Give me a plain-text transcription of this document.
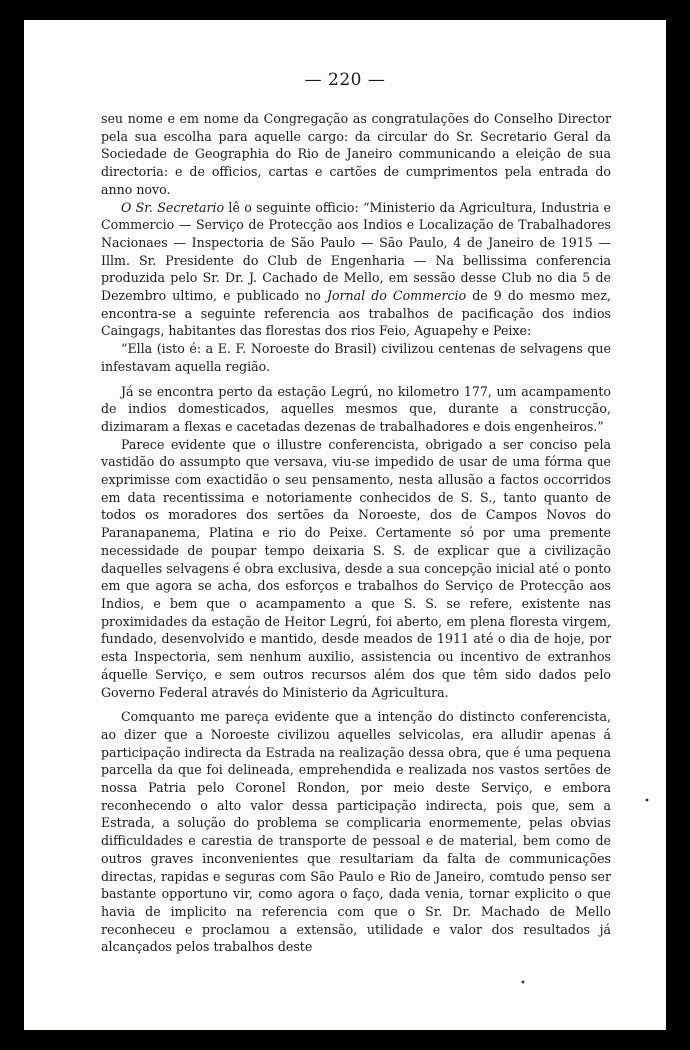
— 220 —

seu nome e em nome da Congregação as congratulações do Conselho Director pela sua escolha para aquelle cargo: da circular do Sr. Secretario Geral da Sociedade de Geographia do Rio de Janeiro communicando a eleição de sua directoria: e de officios, cartas e cartões de cumprimentos pela entrada do anno novo.

O Sr. Secretario lê o seguinte officio: “Ministerio da Agricultura, Industria e Commercio — Serviço de Protecção aos Indios e Localização de Trabalhadores Nacionaes — Inspectoria de São Paulo — São Paulo, 4 de Janeiro de 1915 — Illm. Sr. Presidente do Club de Engenharia — Na bellissima conferencia produzida pelo Sr. Dr. J. Cachado de Mello, em sessão desse Club no dia 5 de Dezembro ultimo, e publicado no Jornal do Commercio de 9 do mesmo mez, encontra-se a seguinte referencia aos trabalhos de pacificação dos indios Caingags, habitantes das florestas dos rios Feio, Aguapehy e Peixe:

“Ella (isto é: a E. F. Noroeste do Brasil) civilizou centenas de selvagens que infestavam aquella região.

Já se encontra perto da estação Legrú, no kilometro 177, um acampamento de indios domesticados, aquelles mesmos que, durante a construcção, dizimaram a flexas e cacetadas dezenas de trabalhadores e dois engenheiros.”

Parece evidente que o illustre conferencista, obrigado a ser conciso pela vastidão do assumpto que versava, viu-se impedido de usar de uma fórma que exprimisse com exactidão o seu pensamento, nesta allusão a factos occorridos em data recentissima e notoriamente conhecidos de S. S., tanto quanto de todos os moradores dos sertões da Noroeste, dos de Campos Novos do Paranapanema, Platina e rio do Peixe. Certamente só por uma premente necessidade de poupar tempo deixaria S. S. de explicar que a civilização daquelles selvagens é obra exclusiva, desde a sua concepção inicial até o ponto em que agora se acha, dos esforços e trabalhos do Serviço de Protecção aos Indios, e bem que o acampamento a que S. S. se refere, existente nas proximidades da estação de Heitor Legrú, foi aberto, em plena floresta virgem, fundado, desenvolvido e mantido, desde meados de 1911 até o dia de hoje, por esta Inspectoria, sem nenhum auxilio, assistencia ou incentivo de extranhos áquelle Serviço, e sem outros recursos além dos que têm sido dados pelo Governo Federal através do Ministerio da Agricultura.

Comquanto me pareça evidente que a intenção do distincto conferencista, ao dizer que a Noroeste civilizou aquelles selvicolas, era alludir apenas á participação indirecta da Estrada na realização dessa obra, que é uma pequena parcella da que foi delineada, emprehendida e realizada nos vastos sertões de nossa Patria pelo Coronel Rondon, por meio deste Serviço, e embora reconhecendo o alto valor dessa participação indirecta, pois que, sem a Estrada, a solução do problema se complicaria enormemente, pelas obvias difficuldades e carestia de transporte de pessoal e de material, bem como de outros graves inconvenientes que resultariam da falta de communicações directas, rapidas e seguras com São Paulo e Rio de Janeiro, comtudo penso ser bastante opportuno vir, como agora o faço, dada venia, tornar explicito o que havia de implicito na referencia com que o Sr. Dr. Machado de Mello reconheceu e proclamou a extensão, utilidade e valor dos resultados já alcançados pelos trabalhos deste

•
•
